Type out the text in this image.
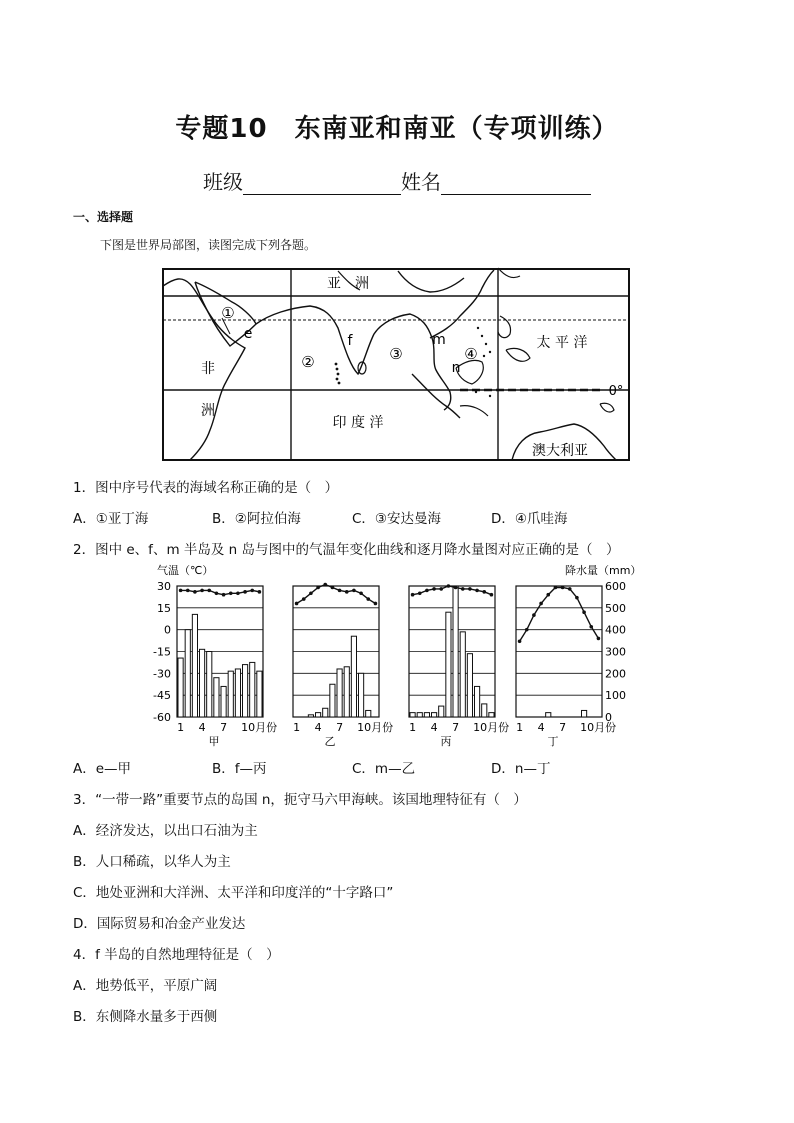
专题10　东南亚和南亚（专项训练）
班级	姓名
一、选择题
下图是世界局部图，读图完成下列各题。
亚　洲
非
洲
印 度 洋
太 平 洋
澳大利亚
0°
①
②	③	④
e	f	m
n
1．图中序号代表的海域名称正确的是（　）
A．①亚丁海	B．②阿拉伯海	C．③安达曼海	D．④爪哇海
2．图中 e、f、m 半岛及 n 岛与图中的气温年变化曲线和逐月降水量图对应正确的是（　）
气温（℃）	降水量（mm）
30
15
0
-15
-30
-45
-60
600
500
400
300
200
100
0
1 4 7 10月份
甲
1 4 7 10月份
乙
1 4 7 10月份
丙
1 4 7 10月份
丁
A．e—甲	B．f—丙	C．m—乙	D．n—丁
3．“一带一路”重要节点的岛国 n，扼守马六甲海峡。该国地理特征有（　）
A．经济发达，以出口石油为主
B．人口稀疏，以华人为主
C．地处亚洲和大洋洲、太平洋和印度洋的“十字路口”
D．国际贸易和冶金产业发达
4．f 半岛的自然地理特征是（　）
A．地势低平，平原广阔
B．东侧降水量多于西侧
